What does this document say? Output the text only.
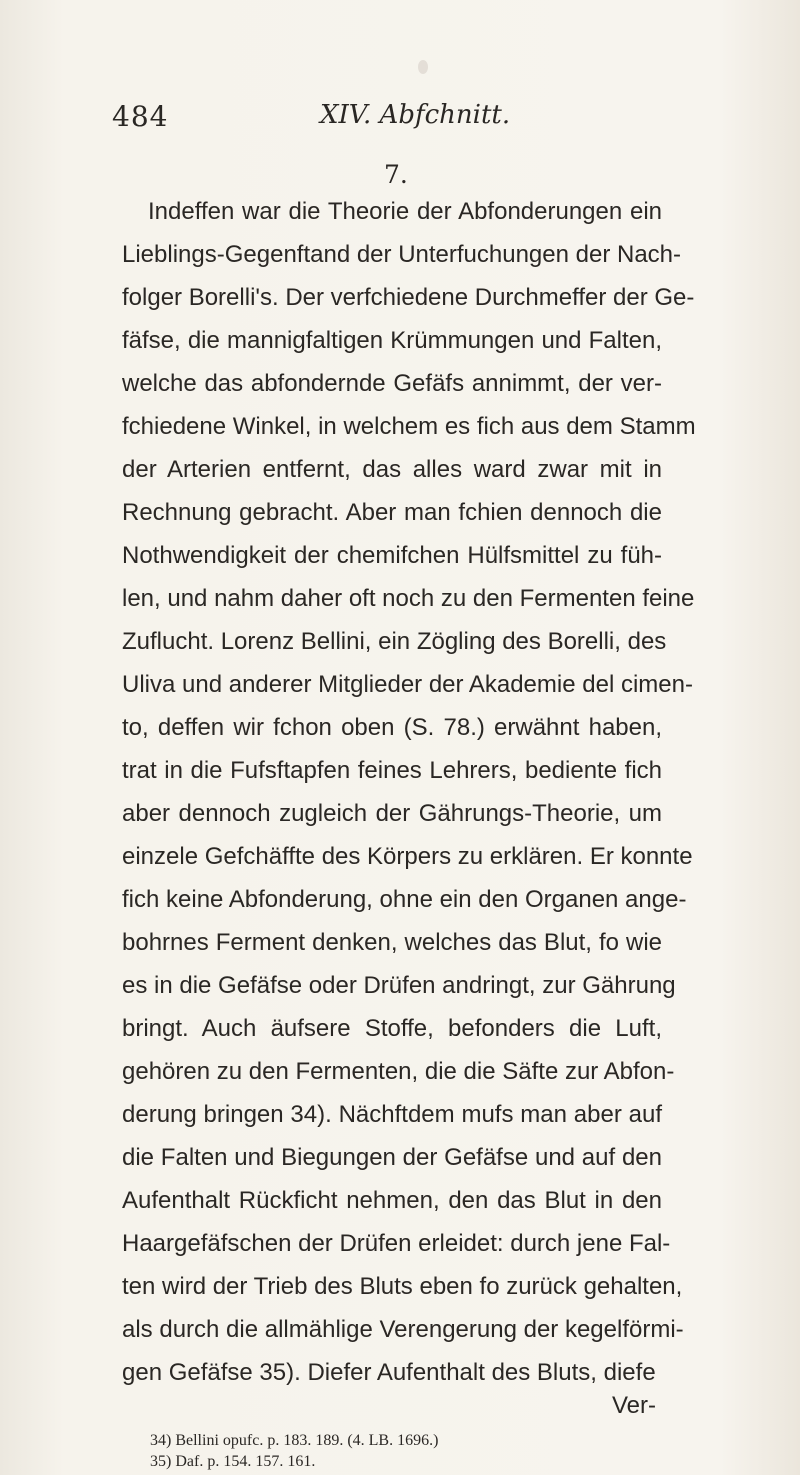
484	XIV. Abfchnitt.
7.
Indeffen war die Theorie der Abfonderungen ein
Lieblings-Gegenftand der Unterfuchungen der Nach-
folger Borelli's. Der verfchiedene Durchmeffer der Ge-
fäfse, die mannigfaltigen Krümmungen und Falten,
welche das abfondernde Gefäfs annimmt, der ver-
fchiedene Winkel, in welchem es fich aus dem Stamm
der Arterien entfernt, das alles ward zwar mit in
Rechnung gebracht. Aber man fchien dennoch die
Nothwendigkeit der chemifchen Hülfsmittel zu füh-
len, und nahm daher oft noch zu den Fermenten feine
Zuflucht. Lorenz Bellini, ein Zögling des Borelli, des
Uliva und anderer Mitglieder der Akademie del cimen-
to, deffen wir fchon oben (S. 78.) erwähnt haben,
trat in die Fufsftapfen feines Lehrers, bediente fich
aber dennoch zugleich der Gährungs-Theorie, um
einzele Gefchäffte des Körpers zu erklären. Er konnte
fich keine Abfonderung, ohne ein den Organen ange-
bohrnes Ferment denken, welches das Blut, fo wie
es in die Gefäfse oder Drüfen andringt, zur Gährung
bringt. Auch äufsere Stoffe, befonders die Luft,
gehören zu den Fermenten, die die Säfte zur Abfon-
derung bringen 34). Nächftdem mufs man aber auf
die Falten und Biegungen der Gefäfse und auf den
Aufenthalt Rückficht nehmen, den das Blut in den
Haargefäfschen der Drüfen erleidet: durch jene Fal-
ten wird der Trieb des Bluts eben fo zurück gehalten,
als durch die allmählige Verengerung der kegelförmi-
gen Gefäfse 35). Diefer Aufenthalt des Bluts, diefe
Ver-
34) Bellini opufc. p. 183. 189. (4. LB. 1696.)
35) Daf. p. 154. 157. 161.
